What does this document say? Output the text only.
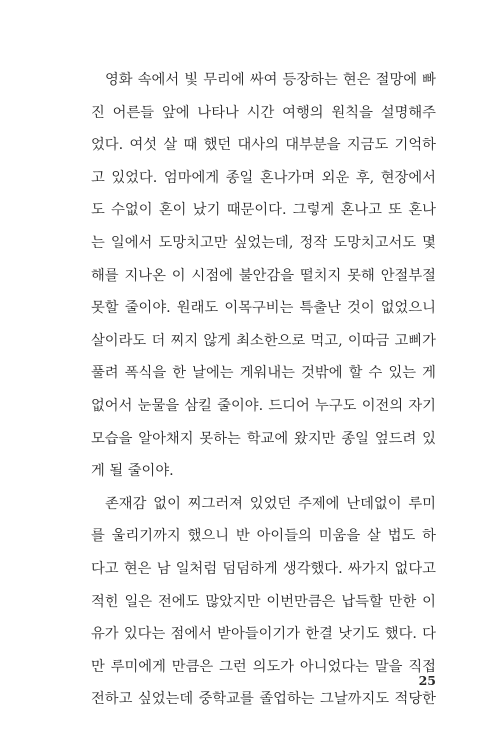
영화 속에서 빛 무리에 싸여 등장하는 현은 절망에 빠
진 어른들 앞에 나타나 시간 여행의 원칙을 설명해주
었다. 여섯 살 때 했던 대사의 대부분을 지금도 기억하
고 있었다. 엄마에게 종일 혼나가며 외운 후, 현장에서
도 수없이 혼이 났기 때문이다. 그렇게 혼나고 또 혼나
는 일에서 도망치고만 싶었는데, 정작 도망치고서도 몇
해를 지나온 이 시점에 불안감을 떨치지 못해 안절부절
못할 줄이야. 원래도 이목구비는 특출난 것이 없었으니
살이라도 더 찌지 않게 최소한으로 먹고, 이따금 고삐가
풀려 폭식을 한 날에는 게워내는 것밖에 할 수 있는 게
없어서 눈물을 삼킬 줄이야. 드디어 누구도 이전의 자기
모습을 알아채지 못하는 학교에 왔지만 종일 엎드려 있
게 될 줄이야.
존재감 없이 찌그러져 있었던 주제에 난데없이 루미
를 울리기까지 했으니 반 아이들의 미움을 살 법도 하
다고 현은 남 일처럼 덤덤하게 생각했다. 싸가지 없다고
적힌 일은 전에도 많았지만 이번만큼은 납득할 만한 이
유가 있다는 점에서 받아들이기가 한결 낫기도 했다. 다
만 루미에게 만큼은 그런 의도가 아니었다는 말을 직접
전하고 싶었는데 중학교를 졸업하는 그날까지도 적당한
25
